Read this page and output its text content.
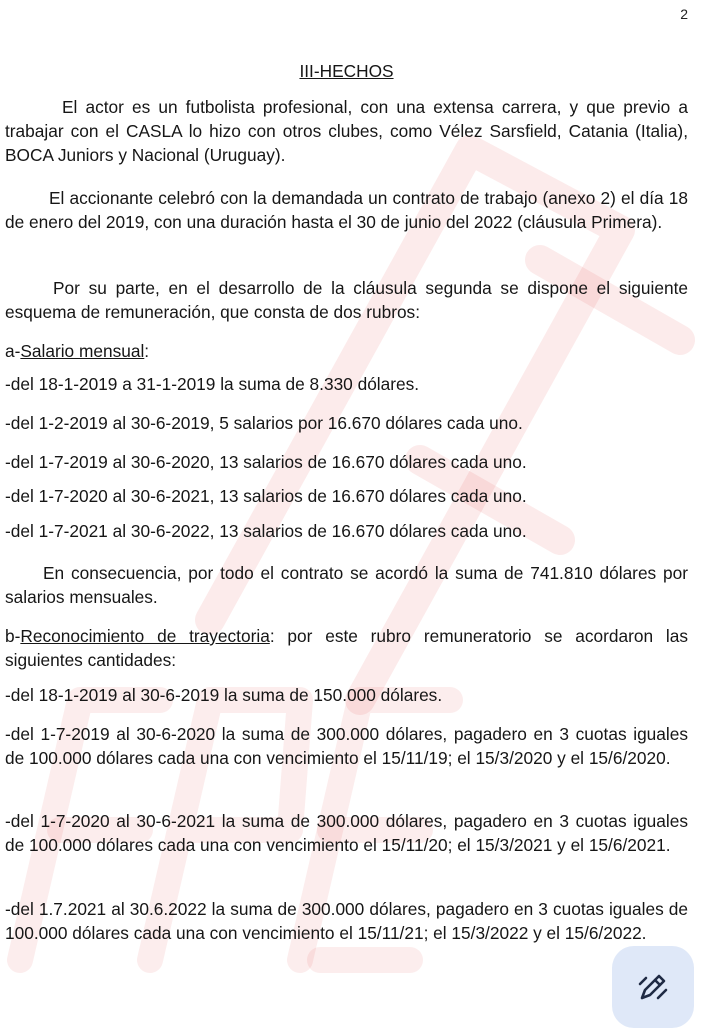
2
III-HECHOS

El actor es un futbolista profesional, con una extensa carrera, y que previo a trabajar con el CASLA lo hizo con otros clubes, como Vélez Sarsfield, Catania (Italia), BOCA Juniors y Nacional (Uruguay).

El accionante celebró con la demandada un contrato de trabajo (anexo 2) el día 18 de enero del 2019, con una duración hasta el 30 de junio del 2022 (cláusula Primera).

Por su parte, en el desarrollo de la cláusula segunda se dispone el siguiente esquema de remuneración, que consta de dos rubros:

a-Salario mensual:

-del 18-1-2019 a 31-1-2019 la suma de 8.330 dólares.

-del 1-2-2019 al 30-6-2019, 5 salarios por 16.670 dólares cada uno.

-del 1-7-2019 al 30-6-2020, 13 salarios de 16.670 dólares cada uno.

-del 1-7-2020 al 30-6-2021, 13 salarios de 16.670 dólares cada uno.

-del 1-7-2021 al 30-6-2022, 13 salarios de 16.670 dólares cada uno.

En consecuencia, por todo el contrato se acordó la suma de 741.810 dólares por salarios mensuales.

b-Reconocimiento de trayectoria: por este rubro remuneratorio se acordaron las siguientes cantidades:

-del 18-1-2019 al 30-6-2019 la suma de 150.000 dólares.

-del 1-7-2019 al 30-6-2020 la suma de 300.000 dólares, pagadero en 3 cuotas iguales de 100.000 dólares cada una con vencimiento el 15/11/19; el 15/3/2020 y el 15/6/2020.

-del 1-7-2020 al 30-6-2021 la suma de 300.000 dólares, pagadero en 3 cuotas iguales de 100.000 dólares cada una con vencimiento el 15/11/20; el 15/3/2021 y el 15/6/2021.

-del 1.7.2021 al 30.6.2022 la suma de 300.000 dólares, pagadero en 3 cuotas iguales de 100.000 dólares cada una con vencimiento el 15/11/21; el 15/3/2022 y el 15/6/2022.
